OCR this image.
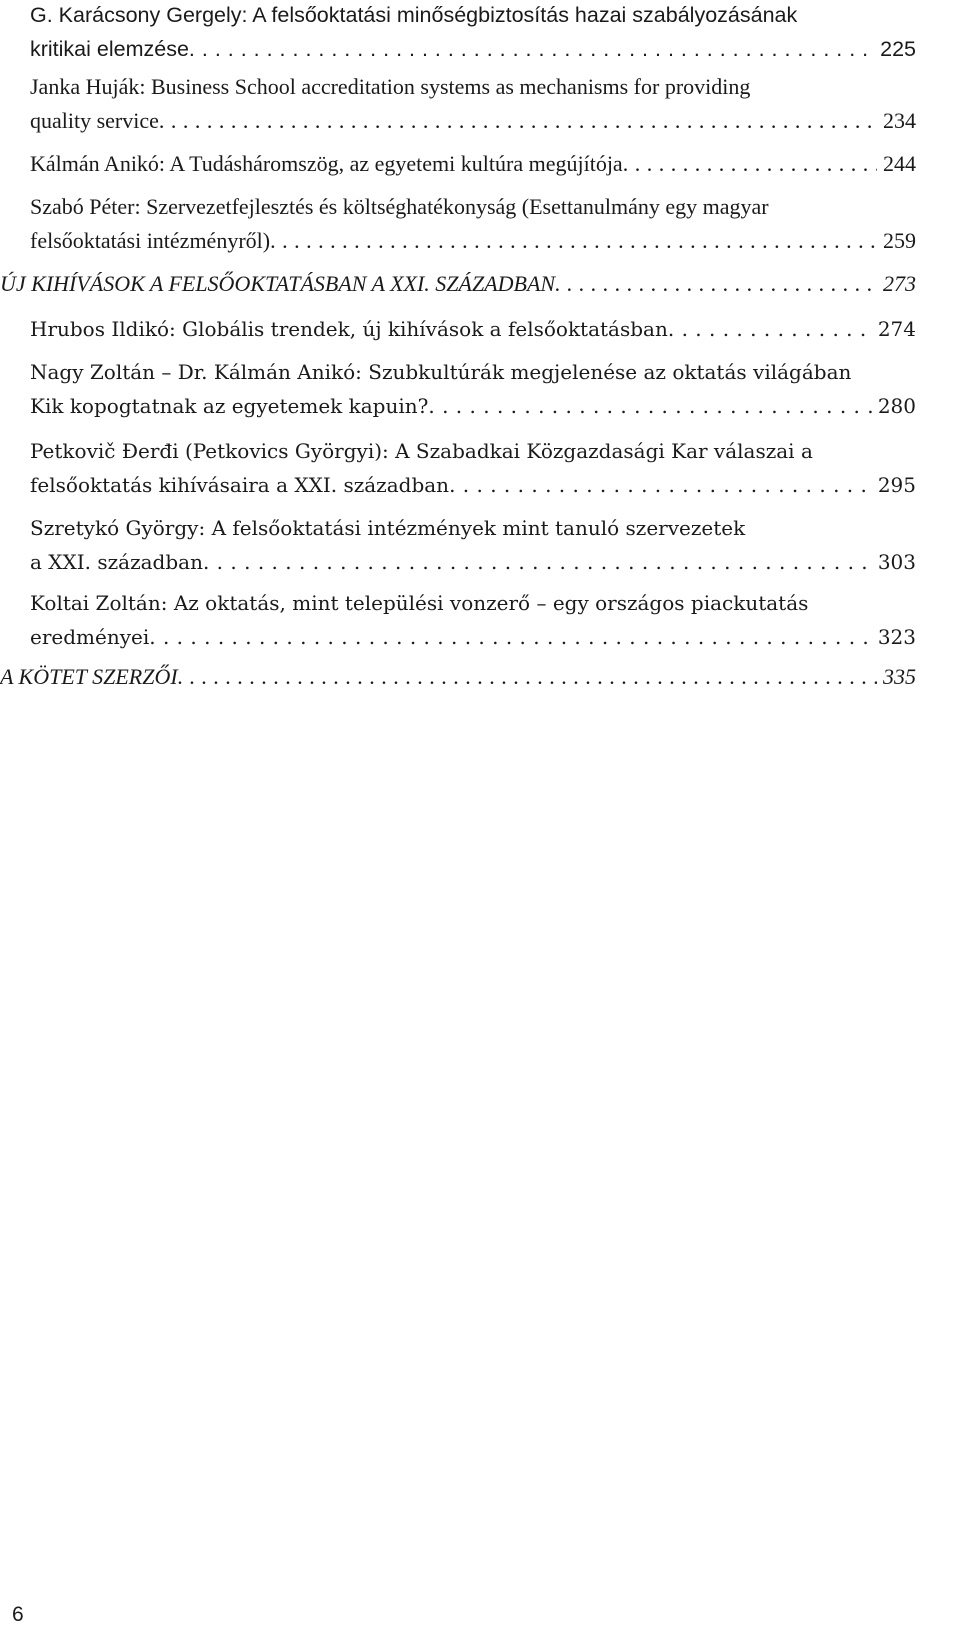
G. Karácsony Gergely: A felsőoktatási minőségbiztosítás hazai szabályozásának
kritikai elemzése . . .	225
Janka Huják: Business School accreditation systems as mechanisms for providing
quality service . . .	234
Kálmán Anikó: A Tudásháromszög, az egyetemi kultúra megújítója . . .	244
Szabó Péter: Szervezetfejlesztés és költséghatékonyság (Esettanulmány egy magyar
felsőoktatási intézményről) . . .	259
ÚJ KIHÍVÁSOK A FELSŐOKTATÁSBAN A XXI. SZÁZADBAN . . .	273
Hrubos Ildikó: Globális trendek, új kihívások a felsőoktatásban . . .	274
Nagy Zoltán – Dr. Kálmán Anikó: Szubkultúrák megjelenése az oktatás világában
Kik kopogtatnak az egyetemek kapuin? . . .	280
Petkovič Đerđi (Petkovics Györgyi): A Szabadkai Közgazdasági Kar válaszai a
felsőoktatás kihívásaira a XXI. században . . .	295
Szretykó György: A felsőoktatási intézmények mint tanuló szervezetek
a XXI. században . . .	303
Koltai Zoltán: Az oktatás, mint települési vonzerő – egy országos piackutatás
eredményei . . .	323
A KÖTET SZERZŐI . . .	335
6
